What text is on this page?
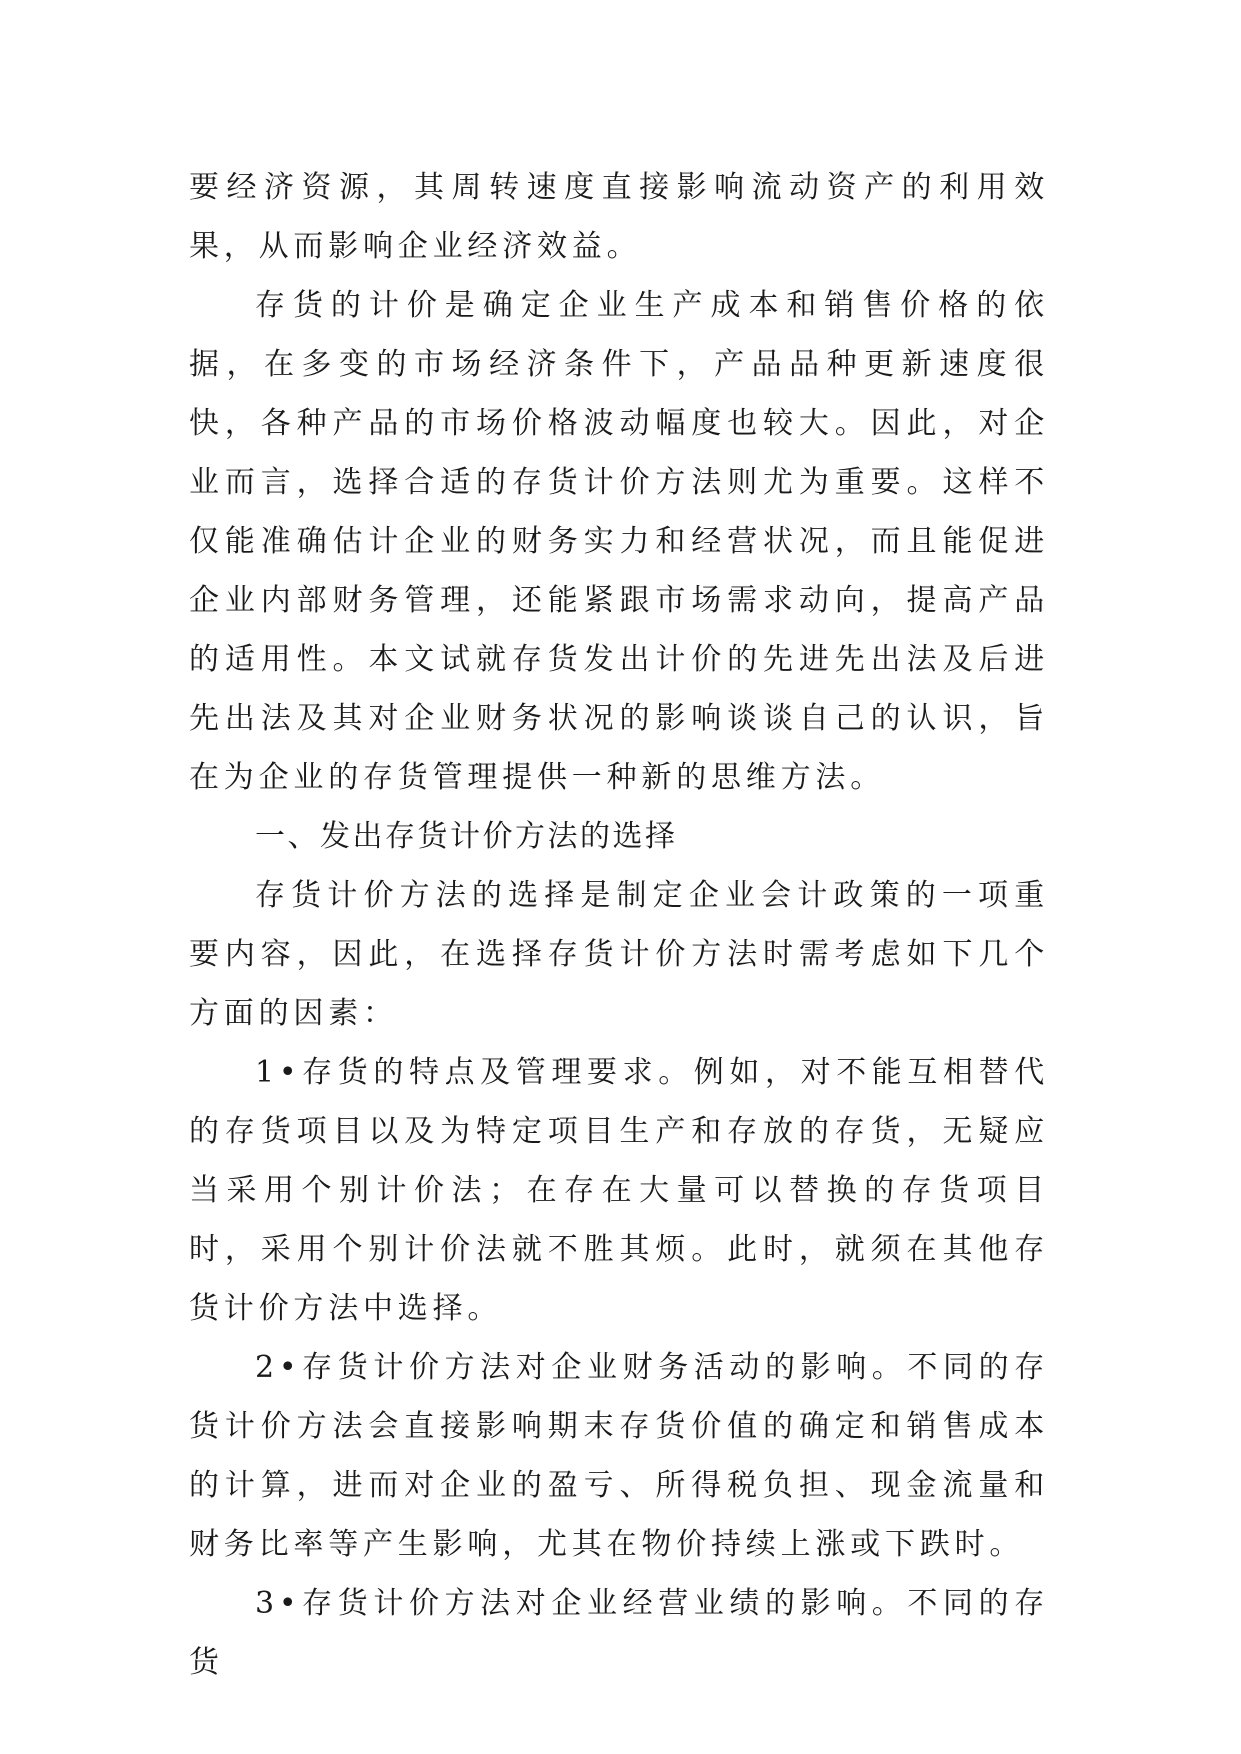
要经济资源，其周转速度直接影响流动资产的利用效果，从而影响企业经济效益。

存货的计价是确定企业生产成本和销售价格的依据，在多变的市场经济条件下，产品品种更新速度很快，各种产品的市场价格波动幅度也较大。因此，对企业而言，选择合适的存货计价方法则尤为重要。这样不仅能准确估计企业的财务实力和经营状况，而且能促进企业内部财务管理，还能紧跟市场需求动向，提高产品的适用性。本文试就存货发出计价的先进先出法及后进先出法及其对企业财务状况的影响谈谈自己的认识，旨在为企业的存货管理提供一种新的思维方法。

一、发出存货计价方法的选择

存货计价方法的选择是制定企业会计政策的一项重要内容，因此，在选择存货计价方法时需考虑如下几个方面的因素：

1•存货的特点及管理要求。例如，对不能互相替代的存货项目以及为特定项目生产和存放的存货，无疑应当采用个别计价法；在存在大量可以替换的存货项目时，采用个别计价法就不胜其烦。此时，就须在其他存货计价方法中选择。

2•存货计价方法对企业财务活动的影响。不同的存货计价方法会直接影响期末存货价值的确定和销售成本的计算，进而对企业的盈亏、所得税负担、现金流量和财务比率等产生影响，尤其在物价持续上涨或下跌时。

3•存货计价方法对企业经营业绩的影响。不同的存货
